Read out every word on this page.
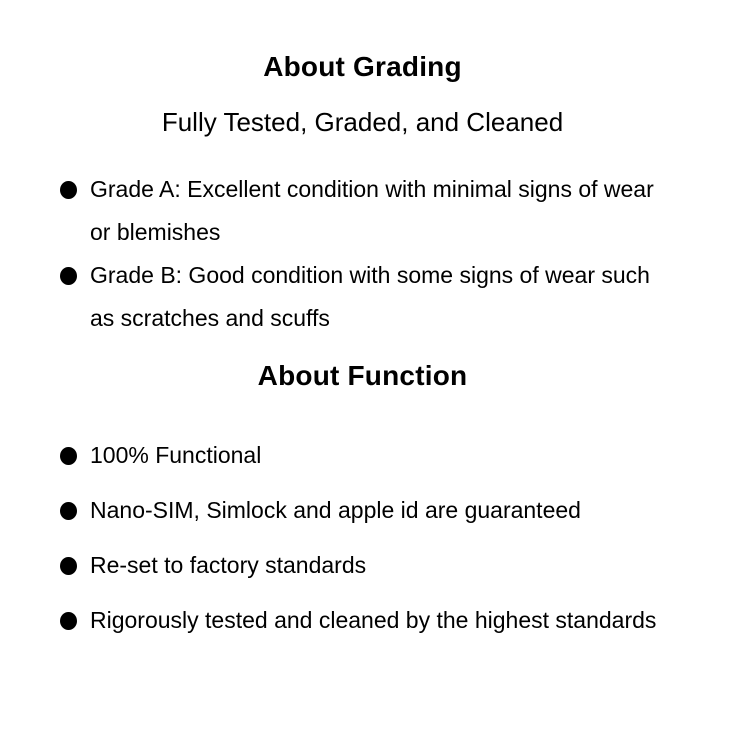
About Grading

Fully Tested, Graded, and Cleaned

Grade A: Excellent condition with minimal signs of wear or blemishes
Grade B: Good condition with some signs of wear such as scratches and scuffs
About Function
100% Functional
Nano-SIM, Simlock and apple id are guaranteed
Re-set to factory standards
Rigorously tested and cleaned by the highest standards
